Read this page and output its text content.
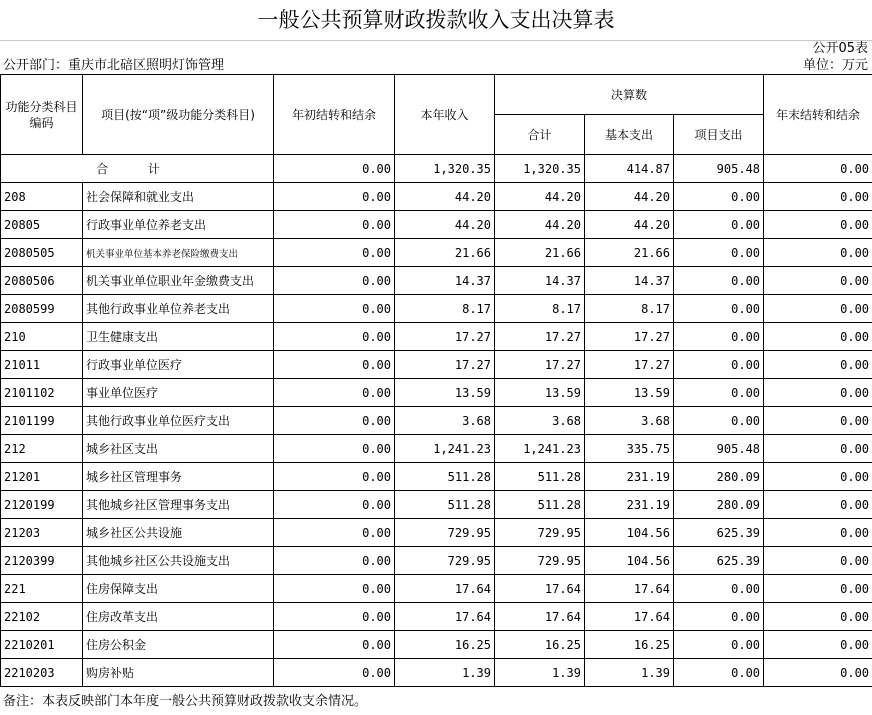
一般公共预算财政拨款收入支出决算表
公开05表
公开部门：重庆市北碚区照明灯饰管理	单位：万元
功能分类科目编码	项目(按“项”级功能分类科目)	年初结转和结余	本年收入	决算数			年末结转和结余
				合计	基本支出	项目支出	
合 计		0.00	1,320.35	1,320.35	414.87	905.48	0.00
208	社会保障和就业支出	0.00	44.20	44.20	44.20	0.00	0.00
20805	行政事业单位养老支出	0.00	44.20	44.20	44.20	0.00	0.00
2080505	机关事业单位基本养老保险缴费支出	0.00	21.66	21.66	21.66	0.00	0.00
2080506	机关事业单位职业年金缴费支出	0.00	14.37	14.37	14.37	0.00	0.00
2080599	其他行政事业单位养老支出	0.00	8.17	8.17	8.17	0.00	0.00
210	卫生健康支出	0.00	17.27	17.27	17.27	0.00	0.00
21011	行政事业单位医疗	0.00	17.27	17.27	17.27	0.00	0.00
2101102	事业单位医疗	0.00	13.59	13.59	13.59	0.00	0.00
2101199	其他行政事业单位医疗支出	0.00	3.68	3.68	3.68	0.00	0.00
212	城乡社区支出	0.00	1,241.23	1,241.23	335.75	905.48	0.00
21201	城乡社区管理事务	0.00	511.28	511.28	231.19	280.09	0.00
2120199	其他城乡社区管理事务支出	0.00	511.28	511.28	231.19	280.09	0.00
21203	城乡社区公共设施	0.00	729.95	729.95	104.56	625.39	0.00
2120399	其他城乡社区公共设施支出	0.00	729.95	729.95	104.56	625.39	0.00
221	住房保障支出	0.00	17.64	17.64	17.64	0.00	0.00
22102	住房改革支出	0.00	17.64	17.64	17.64	0.00	0.00
2210201	住房公积金	0.00	16.25	16.25	16.25	0.00	0.00
2210203	购房补贴	0.00	1.39	1.39	1.39	0.00	0.00
备注：本表反映部门本年度一般公共预算财政拨款收支余情况。
